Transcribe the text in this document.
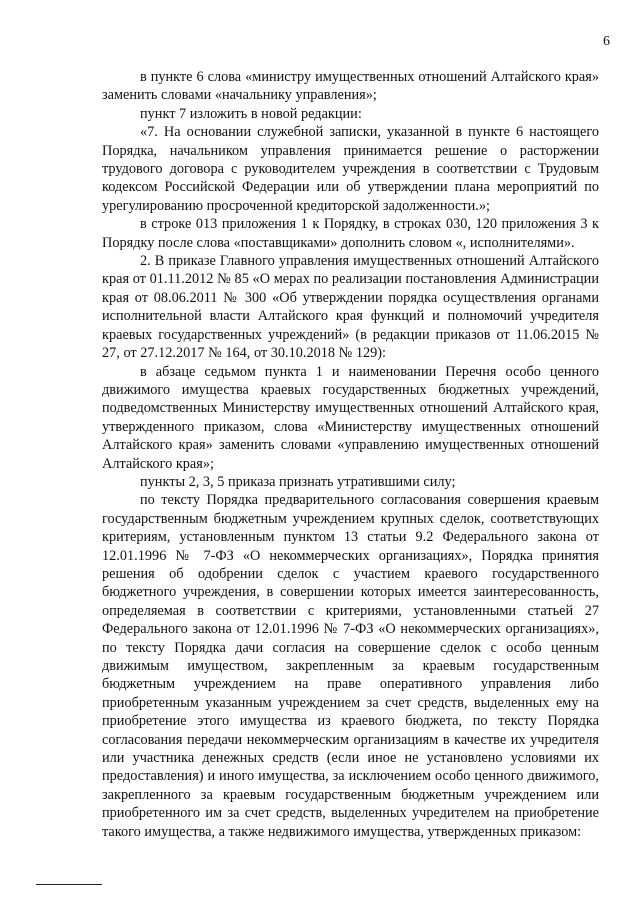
6

в пункте 6 слова «министру имущественных отношений Алтайского края» заменить словами «начальнику управления»;

пункт 7 изложить в новой редакции:

«7. На основании служебной записки, указанной в пункте 6 настоящего Порядка, начальником управления принимается решение о расторжении трудового договора с руководителем учреждения в соответствии с Трудовым кодексом Российской Федерации или об утверждении плана мероприятий по урегулированию просроченной кредиторской задолженности.»;

в строке 013 приложения 1 к Порядку, в строках 030, 120 приложения 3 к Порядку после слова «поставщиками» дополнить словом «, исполнителями».

2. В приказе Главного управления имущественных отношений Алтайского края от 01.11.2012 № 85 «О мерах по реализации постановления Администрации края от 08.06.2011 № 300 «Об утверждении порядка осуществления органами исполнительной власти Алтайского края функций и полномочий учредителя краевых государственных учреждений» (в редакции приказов от 11.06.2015 № 27, от 27.12.2017 № 164, от 30.10.2018 № 129):

в абзаце седьмом пункта 1 и наименовании Перечня особо ценного движимого имущества краевых государственных бюджетных учреждений, подведомственных Министерству имущественных отношений Алтайского края, утвержденного приказом, слова «Министерству имущественных отношений Алтайского края» заменить словами «управлению имущественных отношений Алтайского края»;

пункты 2, 3, 5 приказа признать утратившими силу;

по тексту Порядка предварительного согласования совершения краевым государственным бюджетным учреждением крупных сделок, соответствующих критериям, установленным пунктом 13 статьи 9.2 Федерального закона от 12.01.1996 № 7-ФЗ «О некоммерческих организациях», Порядка принятия решения об одобрении сделок с участием краевого государственного бюджетного учреждения, в совершении которых имеется заинтересованность, определяемая в соответствии с критериями, установленными статьей 27 Федерального закона от 12.01.1996 № 7-ФЗ «О некоммерческих организациях», по тексту Порядка дачи согласия на совершение сделок с особо ценным движимым имуществом, закрепленным за краевым государственным бюджетным учреждением на праве оперативного управления либо приобретенным указанным учреждением за счет средств, выделенных ему на приобретение этого имущества из краевого бюджета, по тексту Порядка согласования передачи некоммерческим организациям в качестве их учредителя или участника денежных средств (если иное не установлено условиями их предоставления) и иного имущества, за исключением особо ценного движимого, закрепленного за краевым государственным бюджетным учреждением или приобретенного им за счет средств, выделенных учредителем на приобретение такого имущества, а также недвижимого имущества, утвержденных приказом:
